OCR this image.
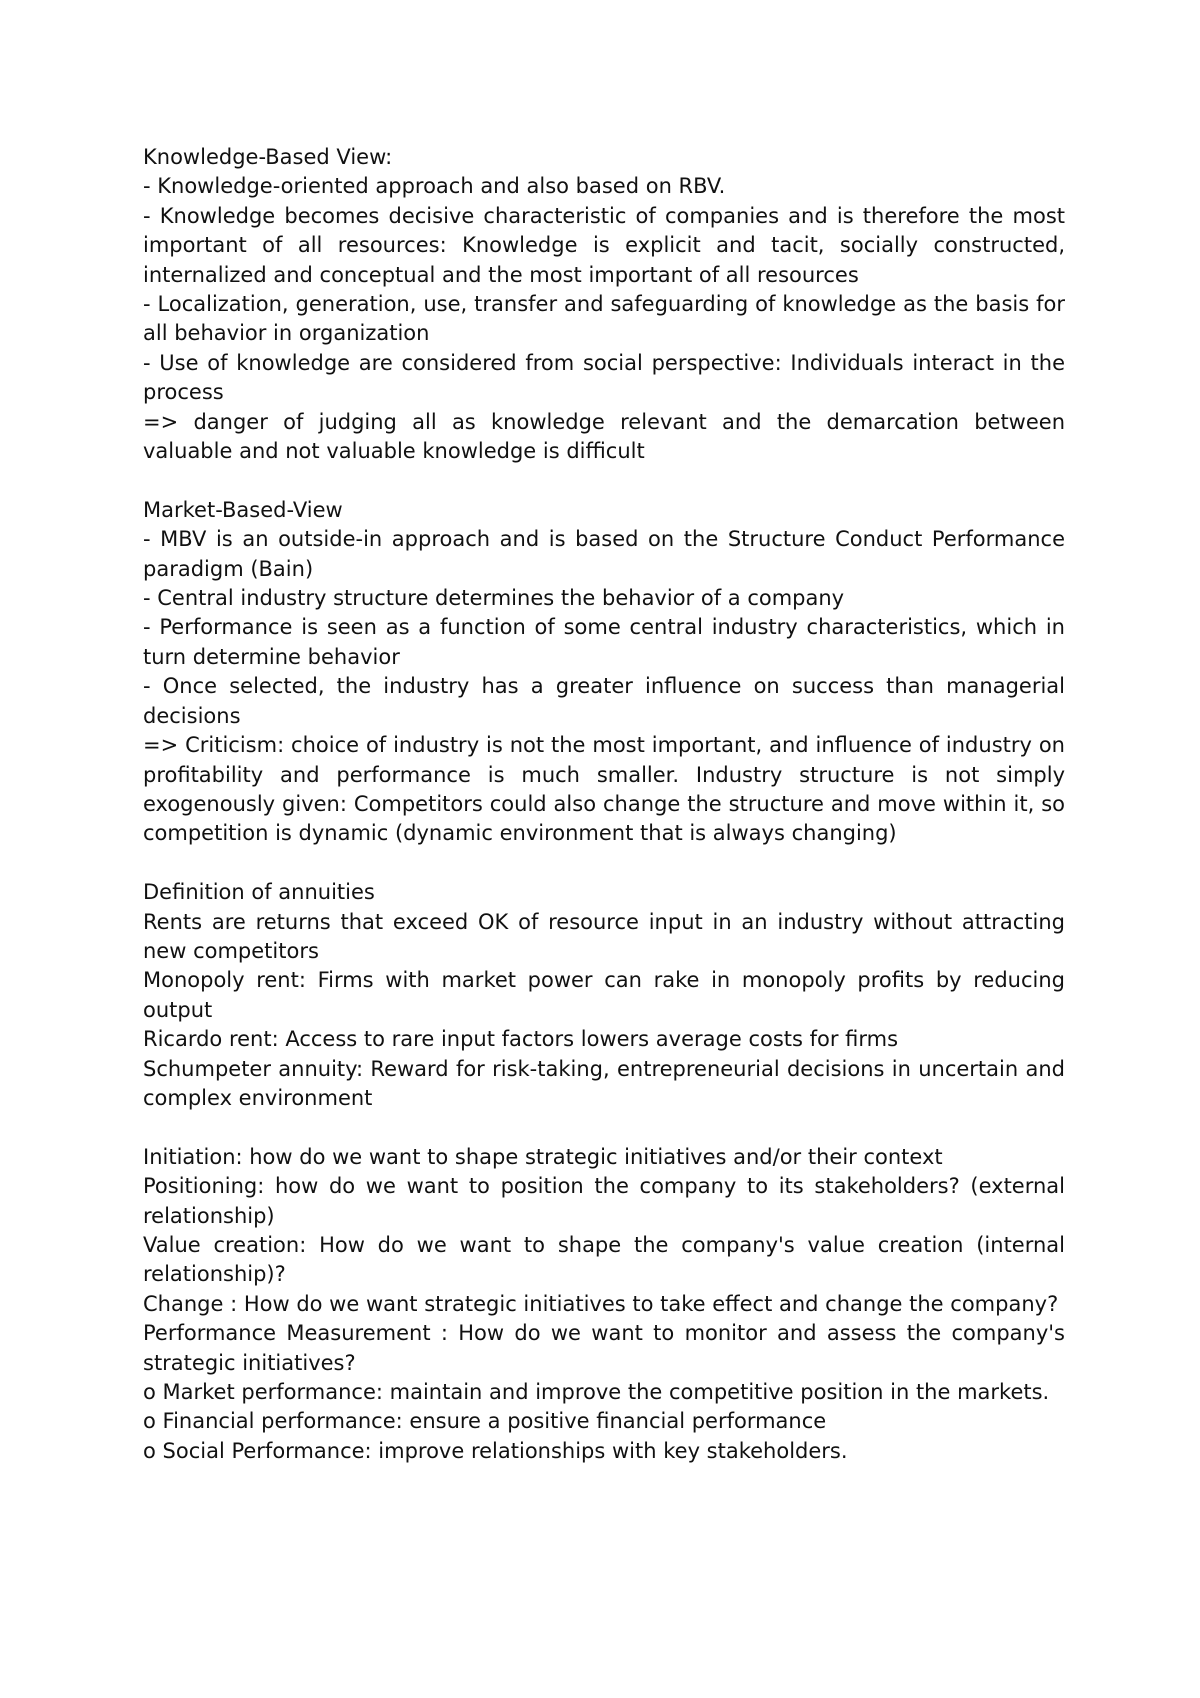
Knowledge-Based View:

- Knowledge-oriented approach and also based on RBV.

- Knowledge becomes decisive characteristic of companies and is therefore the most important of all resources: Knowledge is explicit and tacit, socially constructed, internalized and conceptual and the most important of all resources

- Localization, generation, use, transfer and safeguarding of knowledge as the basis for all behavior in organization

- Use of knowledge are considered from social perspective: Individuals interact in the process

=> danger of judging all as knowledge relevant and the demarcation between valuable and not valuable knowledge is difficult

Market-Based-View

- MBV is an outside-in approach and is based on the Structure Conduct Performance paradigm (Bain)

- Central industry structure determines the behavior of a company

- Performance is seen as a function of some central industry characteristics, which in turn determine behavior

- Once selected, the industry has a greater influence on success than managerial decisions

=> Criticism: choice of industry is not the most important, and influence of industry on profitability and performance is much smaller. Industry structure is not simply exogenously given: Competitors could also change the structure and move within it, so competition is dynamic (dynamic environment that is always changing)

Definition of annuities

Rents are returns that exceed OK of resource input in an industry without attracting new competitors

Monopoly rent: Firms with market power can rake in monopoly profits by reducing output

Ricardo rent: Access to rare input factors lowers average costs for firms

Schumpeter annuity: Reward for risk-taking, entrepreneurial decisions in uncertain and complex environment

Initiation: how do we want to shape strategic initiatives and/or their context

Positioning: how do we want to position the company to its stakeholders? (external relationship)

Value creation: How do we want to shape the company's value creation (internal relationship)?

Change : How do we want strategic initiatives to take effect and change the company?

Performance Measurement : How do we want to monitor and assess the company's strategic initiatives?

o Market performance: maintain and improve the competitive position in the markets.

o Financial performance: ensure a positive financial performance

o Social Performance: improve relationships with key stakeholders.
